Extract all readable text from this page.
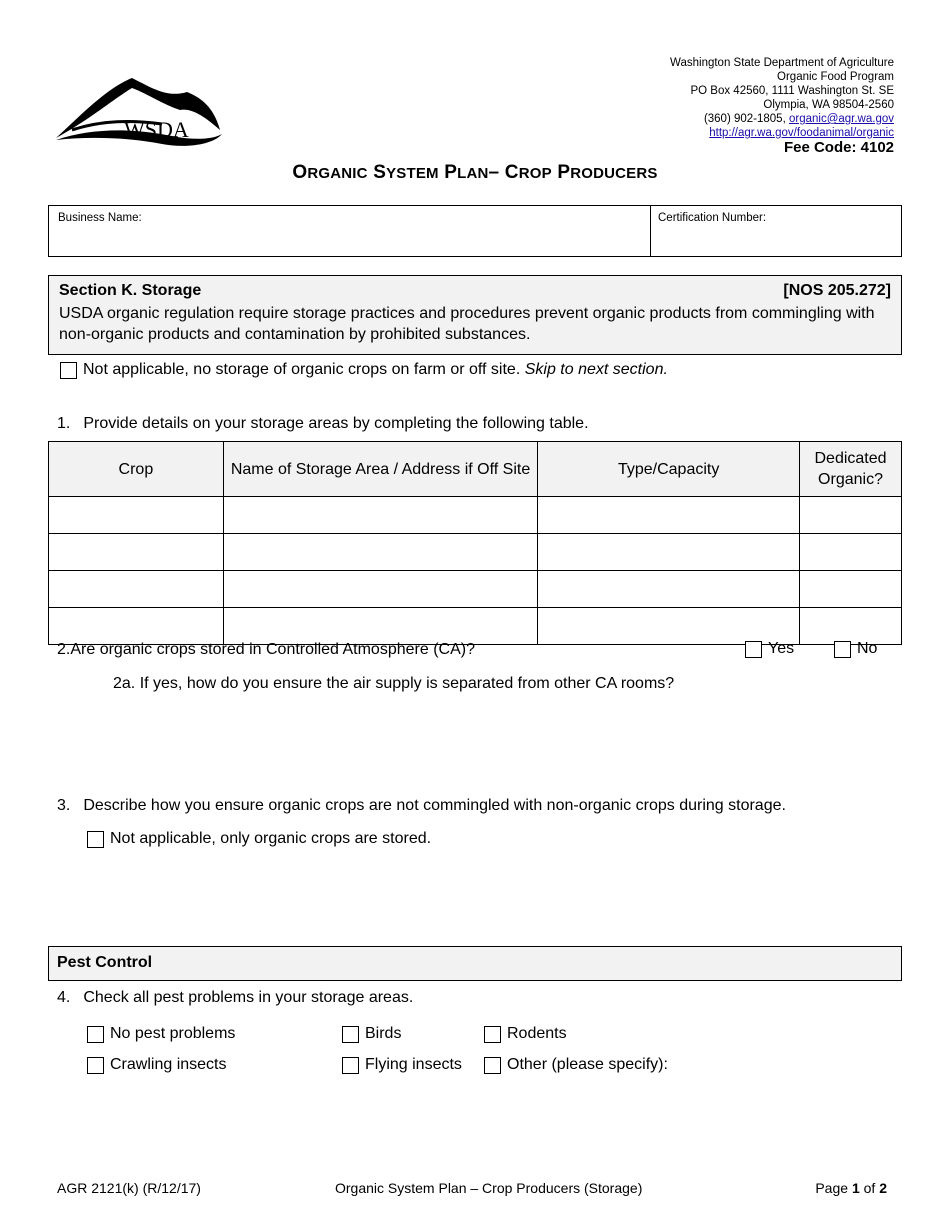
WSDA
Washington State Department of Agriculture
Organic Food Program
PO Box 42560, 1111 Washington St. SE
Olympia, WA 98504-2560
(360) 902-1805, organic@agr.wa.gov
http://agr.wa.gov/foodanimal/organic
Fee Code: 4102
ORGANIC SYSTEM PLAN– CROP PRODUCERS
Business Name:	Certification Number:
Section K. Storage	[NOS 205.272]
USDA organic regulation require storage practices and procedures prevent organic products from commingling with non-organic products and contamination by prohibited substances.
Not applicable, no storage of organic crops on farm or off site. Skip to next section.
1. Provide details on your storage areas by completing the following table.
Crop	Name of Storage Area / Address if Off Site	Type/Capacity	Dedicated Organic?

2.Are organic crops stored in Controlled Atmosphere (CA)?	Yes	No
2a. If yes, how do you ensure the air supply is separated from other CA rooms?
3. Describe how you ensure organic crops are not commingled with non-organic crops during storage.
Not applicable, only organic crops are stored.
Pest Control
4. Check all pest problems in your storage areas.
No pest problems	Birds	Rodents
Crawling insects	Flying insects	Other (please specify):
AGR 2121(k) (R/12/17)	Organic System Plan – Crop Producers (Storage)	Page 1 of 2
